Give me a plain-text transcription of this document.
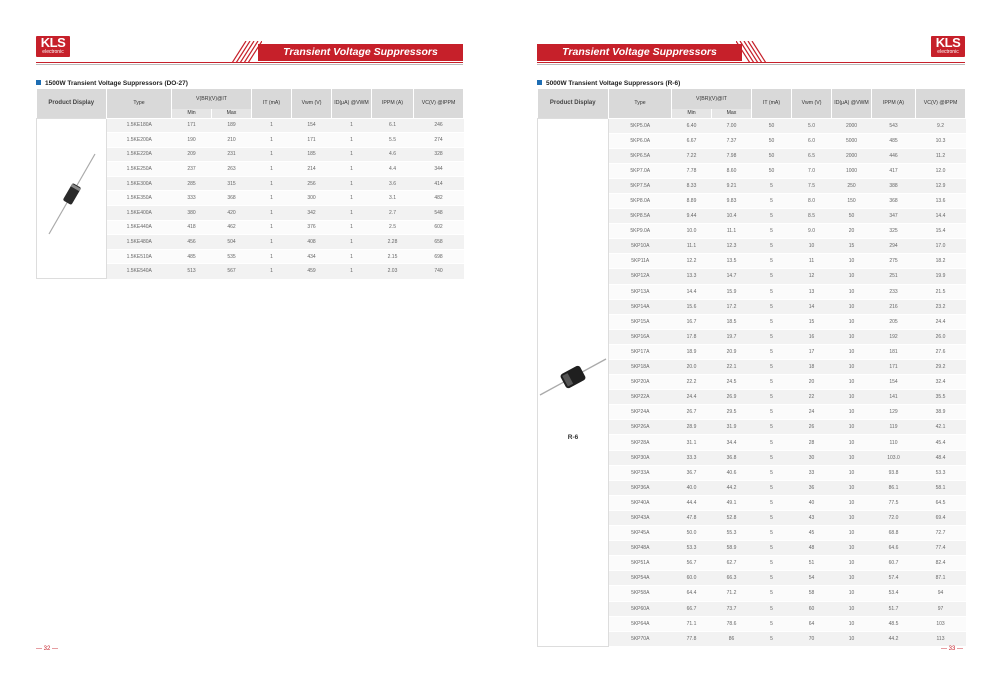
KLS
electronic	Transient Voltage Suppressors
1500W Transient Voltage Suppressors (DO-27)
Product Display	Type	V(BR)(V)@IT		IT (mA)	Vwm (V)	ID(μA) @VWM	IPPM (A)	VC(V) @IPPM
		Min	Max					

	1.5KE180A	171	189	1	154	1	6.1	246
	1.5KE200A	190	210	1	171	1	5.5	274
	1.5KE220A	209	231	1	185	1	4.6	328
	1.5KE250A	237	263	1	214	1	4.4	344
	1.5KE300A	285	315	1	256	1	3.6	414
	1.5KE350A	333	368	1	300	1	3.1	482
	1.5KE400A	380	420	1	342	1	2.7	548
	1.5KE440A	418	462	1	376	1	2.5	602
	1.5KE480A	456	504	1	408	1	2.28	658
	1.5KE510A	485	535	1	434	1	2.15	698
	1.5KE540A	513	567	1	459	1	2.03	740
— 32 —
Transient Voltage Suppressors
KLS
electronic
5000W Transient Voltage Suppressors (R-6)
Product Display	Type	V(BR)(V)@IT		IT (mA)	Vwm (V)	ID(μA) @VWM	IPPM (A)	VC(V) @IPPM
		Min	Max					

R-6	5KP5.0A	6.40	7.00	50	5.0	2000	543	9.2
	5KP6.0A	6.67	7.37	50	6.0	5000	485	10.3
	5KP6.5A	7.22	7.98	50	6.5	2000	446	11.2
	5KP7.0A	7.78	8.60	50	7.0	1000	417	12.0
	5KP7.5A	8.33	9.21	5	7.5	250	388	12.9
	5KP8.0A	8.89	9.83	5	8.0	150	368	13.6
	5KP8.5A	9.44	10.4	5	8.5	50	347	14.4
	5KP9.0A	10.0	11.1	5	9.0	20	325	15.4
	5KP10A	11.1	12.3	5	10	15	294	17.0
	5KP11A	12.2	13.5	5	11	10	275	18.2
	5KP12A	13.3	14.7	5	12	10	251	19.9
	5KP13A	14.4	15.9	5	13	10	233	21.5
	5KP14A	15.6	17.2	5	14	10	216	23.2
	5KP15A	16.7	18.5	5	15	10	205	24.4
	5KP16A	17.8	19.7	5	16	10	192	26.0
	5KP17A	18.9	20.9	5	17	10	181	27.6
	5KP18A	20.0	22.1	5	18	10	171	29.2
	5KP20A	22.2	24.5	5	20	10	154	32.4
	5KP22A	24.4	26.9	5	22	10	141	35.5
	5KP24A	26.7	29.5	5	24	10	129	38.9
	5KP26A	28.9	31.9	5	26	10	119	42.1
	5KP28A	31.1	34.4	5	28	10	110	45.4
	5KP30A	33.3	36.8	5	30	10	103.0	48.4
	5KP33A	36.7	40.6	5	33	10	93.8	53.3
	5KP36A	40.0	44.2	5	36	10	86.1	58.1
	5KP40A	44.4	49.1	5	40	10	77.5	64.5
	5KP43A	47.8	52.8	5	43	10	72.0	69.4
	5KP45A	50.0	55.3	5	45	10	68.8	72.7
	5KP48A	53.3	58.9	5	48	10	64.6	77.4
	5KP51A	56.7	62.7	5	51	10	60.7	82.4
	5KP54A	60.0	66.3	5	54	10	57.4	87.1
	5KP58A	64.4	71.2	5	58	10	53.4	94
	5KP60A	66.7	73.7	5	60	10	51.7	97
	5KP64A	71.1	78.6	5	64	10	48.5	103
	5KP70A	77.8	86	5	70	10	44.2	113
— 33 —
